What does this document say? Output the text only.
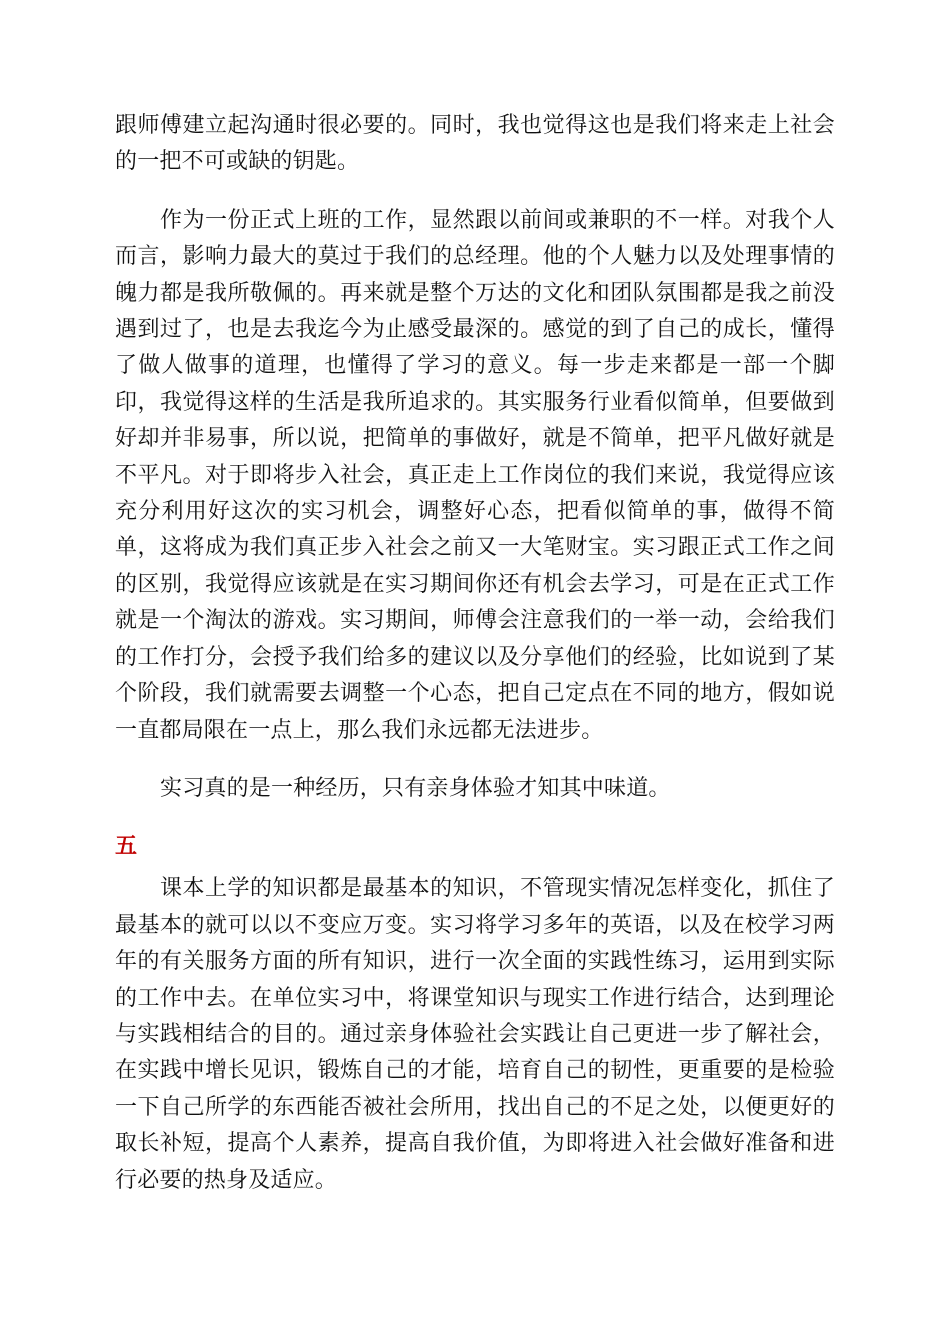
跟师傅建立起沟通时很必要的。同时，我也觉得这也是我们将来走上社会的一把不可或缺的钥匙。

作为一份正式上班的工作，显然跟以前间或兼职的不一样。对我个人而言，影响力最大的莫过于我们的总经理。他的个人魅力以及处理事情的魄力都是我所敬佩的。再来就是整个万达的文化和团队氛围都是我之前没遇到过了，也是去我迄今为止感受最深的。感觉的到了自己的成长，懂得了做人做事的道理，也懂得了学习的意义。每一步走来都是一部一个脚印，我觉得这样的生活是我所追求的。其实服务行业看似简单，但要做到好却并非易事，所以说，把简单的事做好，就是不简单，把平凡做好就是不平凡。对于即将步入社会，真正走上工作岗位的我们来说，我觉得应该充分利用好这次的实习机会，调整好心态，把看似简单的事，做得不简单，这将成为我们真正步入社会之前又一大笔财宝。实习跟正式工作之间的区别，我觉得应该就是在实习期间你还有机会去学习，可是在正式工作就是一个淘汰的游戏。实习期间，师傅会注意我们的一举一动，会给我们的工作打分，会授予我们给多的建议以及分享他们的经验，比如说到了某个阶段，我们就需要去调整一个心态，把自己定点在不同的地方，假如说一直都局限在一点上，那么我们永远都无法进步。

实习真的是一种经历，只有亲身体验才知其中味道。

五

课本上学的知识都是最基本的知识，不管现实情况怎样变化，抓住了最基本的就可以以不变应万变。实习将学习多年的英语，以及在校学习两年的有关服务方面的所有知识，进行一次全面的实践性练习，运用到实际的工作中去。在单位实习中，将课堂知识与现实工作进行结合，达到理论与实践相结合的目的。通过亲身体验社会实践让自己更进一步了解社会，在实践中增长见识，锻炼自己的才能，培育自己的韧性，更重要的是检验一下自己所学的东西能否被社会所用，找出自己的不足之处，以便更好的取长补短，提高个人素养，提高自我价值，为即将进入社会做好准备和进行必要的热身及适应。
